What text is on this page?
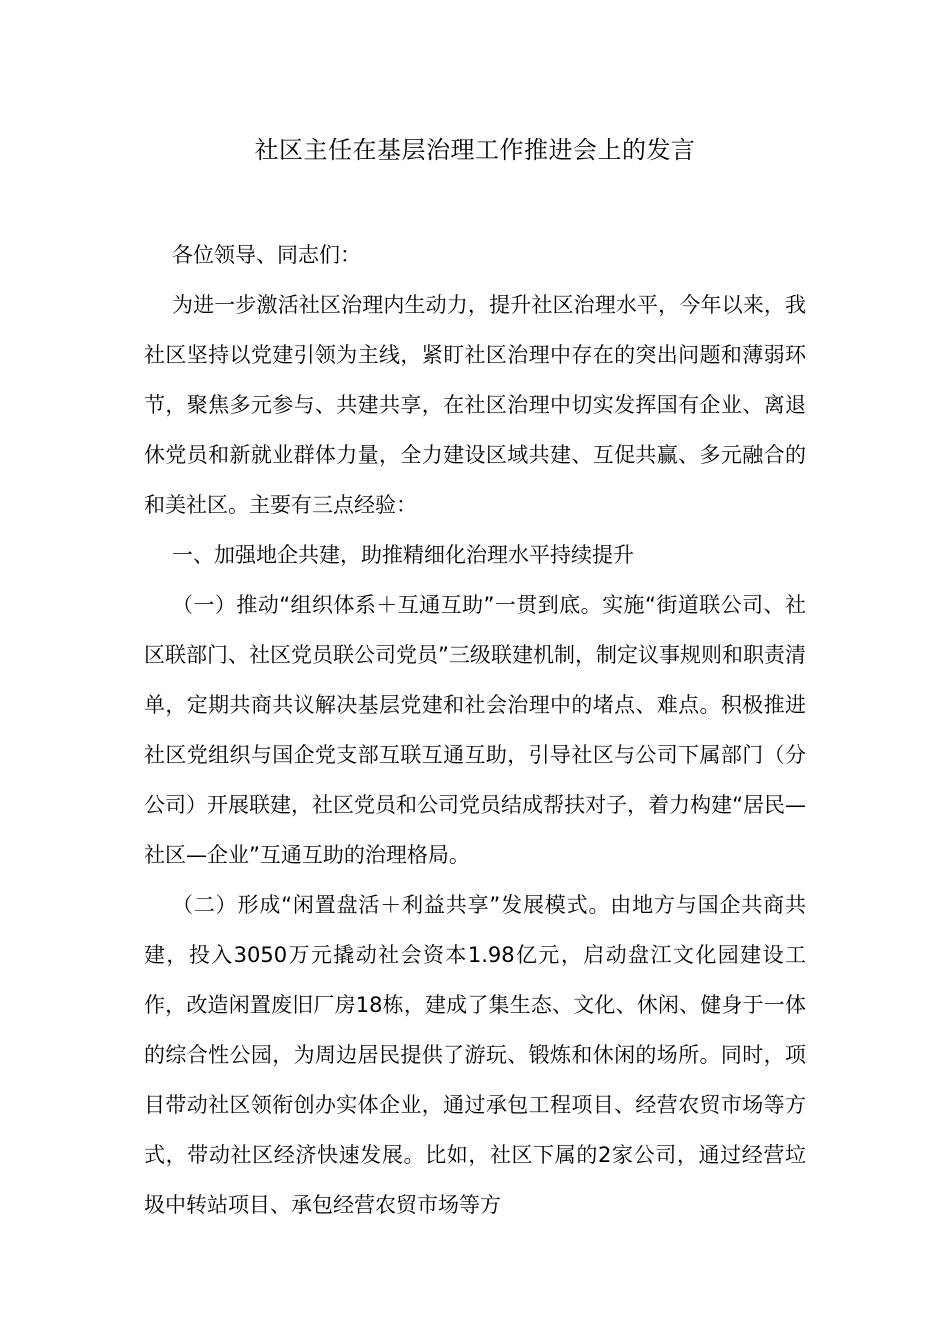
社区主任在基层治理工作推进会上的发言

各位领导、同志们：

为进一步激活社区治理内生动力，提升社区治理水平，今年以来，我社区坚持以党建引领为主线，紧盯社区治理中存在的突出问题和薄弱环节，聚焦多元参与、共建共享，在社区治理中切实发挥国有企业、离退休党员和新就业群体力量，全力建设区域共建、互促共赢、多元融合的和美社区。主要有三点经验：

一、加强地企共建，助推精细化治理水平持续提升

（一）推动“组织体系＋互通互助”一贯到底。实施“街道联公司、社区联部门、社区党员联公司党员”三级联建机制，制定议事规则和职责清单，定期共商共议解决基层党建和社会治理中的堵点、难点。积极推进社区党组织与国企党支部互联互通互助，引导社区与公司下属部门（分公司）开展联建，社区党员和公司党员结成帮扶对子，着力构建“居民—社区—企业”互通互助的治理格局。

（二）形成“闲置盘活＋利益共享”发展模式。由地方与国企共商共建，投入3050万元撬动社会资本1.98亿元，启动盘江文化园建设工作，改造闲置废旧厂房18栋，建成了集生态、文化、休闲、健身于一体的综合性公园，为周边居民提供了游玩、锻炼和休闲的场所。同时，项目带动社区领衔创办实体企业，通过承包工程项目、经营农贸市场等方式，带动社区经济快速发展。比如，社区下属的2家公司，通过经营垃圾中转站项目、承包经营农贸市场等方
